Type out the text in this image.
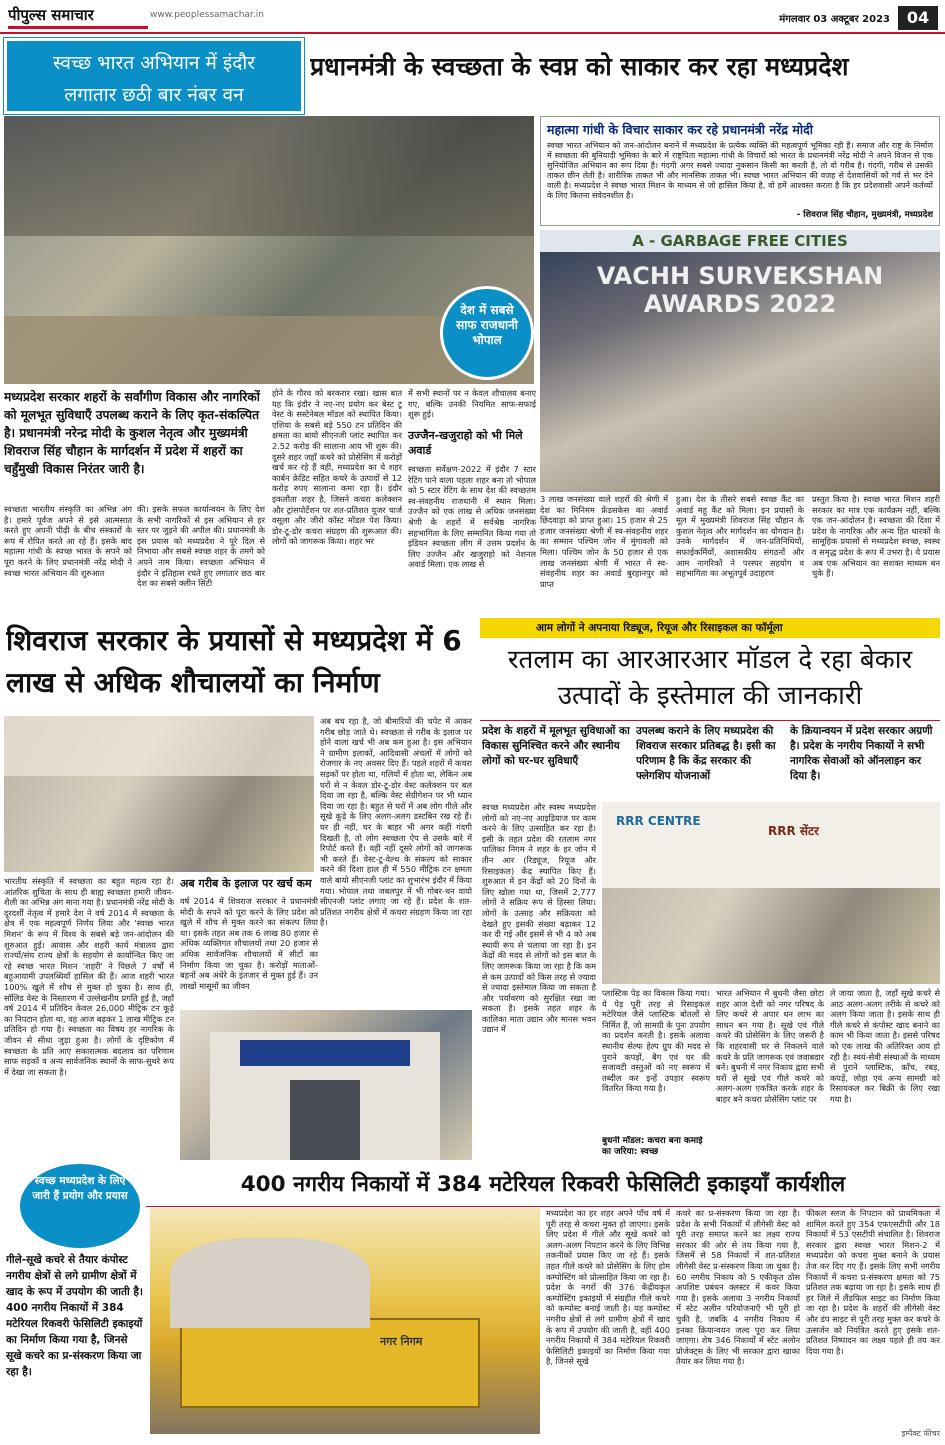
पीपुल्स समाचार	www.peoplessamachar.in	मंगलवार 03 अक्टूबर 2023	04
स्वच्छ भारत अभियान में इंदौर
लगातार छठी बार नंबर वन
प्रधानमंत्री के स्वच्छता के स्वप्न को साकार कर रहा मध्यप्रदेश
महात्मा गांधी के विचार साकार कर रहे प्रधानमंत्री नरेंद्र मोदी
स्वच्छ भारत अभियान को जन-आंदोलन बनाने में मध्यप्रदेश के प्रत्येक व्यक्ति की महत्वपूर्ण भूमिका रही है। समाज और राष्ट्र के निर्माण में स्वच्छता की बुनियादी भूमिका के बारे में राष्ट्रपिता महात्मा गांधी के विचारों को भारत के प्रधानमंत्री नरेंद्र मोदी ने अपने विजन से एक सुनियोजित अभियान का रूप दिया है। गंदगी अगर सबसे ज्यादा नुकसान किसी का करती है, तो वो गरीब है। गंदगी, गरीब से उसकी ताकत छीन लेती है। शारीरिक ताकत भी और मानसिक ताकत भी। स्वच्छ भारत अभियान की वजह से देशवासियों को गर्व से भर देने वाली है। मध्यप्रदेश ने स्वच्छ भारत मिशन के माध्यम से जो हासिल किया है, वो हमें आश्वस्त करता है कि हर प्रदेशवासी अपने कर्तव्यों के लिए कितना संवेदनशील है।
- शिवराज सिंह चौहान, मुख्यमंत्री, मध्यप्रदेश
A - GARBAGE FREE CITIES
VACHH SURVEKSHAN AWARDS 2022
देश में सबसे साफ राजधानी भोपाल
मध्यप्रदेश सरकार शहरों के सर्वांगीण विकास और नागरिकों को मूलभूत सुविधाएँ उपलब्ध कराने के लिए कृत-संकल्पित है। प्रधानमंत्री नरेन्द्र मोदी के कुशल नेतृत्व और मुख्यमंत्री शिवराज सिंह चौहान के मार्गदर्शन में प्रदेश में शहरों का चहुँमुखी विकास निरंतर जारी है।
स्वच्छता भारतीय संस्कृति का अभिन्न अंग है। हमारे पूर्वज अपने से इसे आत्मसात करते हुए अपनी पीढ़ी के बीच संस्कारों के रूप में रोपित करते आ रहे हैं। इसके बाद महात्मा गांधी के स्वच्छ भारत के सपने को पूरा करने के लिए प्रधानमंत्री नरेंद्र मोदी ने स्वच्छ भारत अभियान की शुरुआत
की। इसके सफल कार्यान्वयन के लिए देश के सभी नागरिकों से इस अभियान से हर स्तर पर जुड़ने की अपील की। प्रधानमंत्री के इस प्रयास को मध्यप्रदेश ने पूरे दिल से निभाया और सबसे स्वच्छ शहर के तमगे को अपने नाम किया। स्वच्छता अभियान में इंदौर ने इतिहास रचते हुए लगातार छठ बार देश का सबसे क्लीन सिटी
होने के गौरव को बरकरार रखा। खास बात यह कि इंदौर ने नए-नए प्रयोग कर बेस्ट टू वेस्ट के सस्टेनेबल मॉडल को स्थापित किया। एशिया के सबसे बड़े 550 टन प्रतिदिन की क्षमता का बायो सीएनजी प्लांट स्थापित कर 2.52 करोड़ की सालाना आय भी शुरू की। दूसरे शहर जहाँ कचरे को प्रोसेसिंग में करोड़ों खर्च कर रहे हैं वहीं, मध्यप्रदेश का ये शहर कार्बन क्रेडिट सहित कचरे के उत्पादों से 12 करोड़ रुपए सालाना कमा रहा है। इंदौर इकलौता शहर है, जिसने कचरा कलेक्शन और ट्रांसपोर्टेशन पर शत-प्रतिशत यूजर चार्ज वसूला और जीरो कॉस्ट मॉडल पेश किया। डोर-टू-डोर कचरा संग्रहण की शुरूआत की। लोगों को जागरूक किया। शहर भर
में सभी स्थानों पर न केवल शौचालय बनाए गए, बल्कि उनकी नियमित साफ-सफाई शुरू हुई।
उज्जैन-खजुराहो को भी मिले अवार्ड
स्वच्छता सर्वेक्षण-2022 में इंदौर 7 स्टार रेटिंग पाने वाला पहला शहर बना तो भोपाल को 5 स्टार रेटिंग के साथ देश की स्वच्छतम स्व-संवहनीय राजधानी में स्थान मिला। उज्जैन को एक लाख से अधिक जनसंख्या श्रेणी के शहरों में सर्वश्रेष्ठ नागरिक सहभागिता के लिए सम्मानित किया गया तो इंडियन स्वच्छता लीग में उत्तम प्रदर्शन के लिए उज्जैन और खजुराहो को नेशनल अवार्ड मिला। एक लाख से
3 लाख जनसंख्या वाले शहरों की श्रेणी में देश का मिनिमम फ्रेंडसकेस का अवार्ड छिंदवाड़ा को प्राप्त हुआ। 15 हजार से 25 हजार जनसंख्या श्रेणी में स्व-संवहनीय शहर का सम्मान पश्चिम जोन में मुंगावली को मिला। पश्चिम जोन के 50 हजार से एक लाख जनसंख्या श्रेणी में भारत में स्व-संवहनीय शहर का अवार्ड बुरहानपुर को प्राप्त
हुआ। देश के तीसरे सबसे स्वच्छ कैंट का अवार्ड महू कैंट को मिला। इन प्रयासों के मूल में मुख्यमंत्री शिवराज सिंह चौहान के कुशल नेतृत्व और मार्गदर्शन का योगदान है। उनके मार्गदर्शन में जन-प्रतिनिधियों, सफाईकर्मियों, अशासकीय संगठनों और आम नागरिकों ने परस्पर सहयोग व सहभागिता का अभूतपूर्व उदाहरण
प्रस्तुत किया है। स्वच्छ भारत मिशन शहरी सरकार का मात्र एक कार्यक्रम नहीं, बल्कि एक जन-आंदोलन है। स्वच्छता की दिशा में प्रदेश के नागरिक और अन्य हित धारकों के सामूहिक प्रयासों से मध्यप्रदेश स्वच्छ, स्वस्थ व समृद्ध प्रदेश के रूप में उभरा है। ये प्रयास अब एक अभियान का सशक्त माध्यम बन चुके हैं।
शिवराज सरकार के प्रयासों से मध्यप्रदेश में 6 लाख से अधिक शौचालयों का निर्माण
अब बच रहा है, जो बीमारियों की चपेट में आकर गरीब छोड़ जाते थे। स्वच्छता से गरीब के इलाज पर होने वाला खर्च भी अब कम हुआ है। इस अभियान ने ग्रामीण इलाकों, आदिवासी अंचलों में लोगों को रोजगार के नए अवसर दिए हैं। पहले शहरों में कचरा सड़कों पर होता था, गलियों में होता था, लेकिन अब घरों से न केवल डोर-टू-डोर वेस्ट कलेक्शन पर बल दिया जा रहा है, बल्कि वेस्ट सेग्रीगेशन पर भी ध्यान दिया जा रहा है। बहुत से घरों में अब लोग गीले और सूखे कूड़े के लिए अलग-अलग डस्टबिन रख रहे हैं। घर ही नहीं, घर के बाहर भी अगर कहीं गंदगी दिखती है, तो लोग स्वच्छता ऐप से उसके बारे में रिपोर्ट करते हैं। वहीं नहीं दूसरे लोगों को जागरूक भी करते हैं। वेस्ट-टू-वेल्थ के संकल्प को साकार करने की दिशा हाल ही में 550 मीट्रिक टन क्षमता वाले बायो सीएनजी प्लांट का शुभारंभ इंदौर में किया गया। भोपाल तथा जबलपुर में भी गोबर-धन वायो सीएनजी प्लांट लगाए जा रहे हैं। प्रदेश के शत-प्रतिशत नगरीय क्षेत्रों में कचरा संग्रहण किया जा रहा है।
भारतीय संस्कृति में स्वच्छता का बहुत महत्व रहा है। आंतरिक शुचिता के साथ ही बाह्य स्वच्छता हमारी जीवन-शैली का अभिन्न अंग माना गया है। प्रधानमंत्री नरेंद्र मोदी के दूरदर्शी नेतृत्व में हमारे देश ने वर्ष 2014 में स्वच्छता के क्षेत्र में एक महत्वपूर्ण निर्णय लिया और 'स्वच्छ भारत मिशन' के रूप में विश्व के सबसे बड़े जन-आंदोलन की शुरुआत हुई। आवास और शहरी कार्य मंत्रालय द्वारा राज्यों/संघ राज्य क्षेत्रों के सहयोग से कार्यान्वित किए जा रहे स्वच्छ भारत मिशन 'शहरी' ने पिछले 7 वर्षों में बहुआयामी उपलब्धियाँ हासिल की हैं। आज शहरी भारत 100% खुले में शौच से मुक्त हो चुका है। साथ ही, सॉलिड वेस्ट के निस्तारण में उल्लेखनीय प्रगति हुई है, जहाँ वर्ष 2014 में प्रतिदिन केवल 26,000 मीट्रिक टन कूड़े का निपटान होता था, वह आज बढ़कर 1 लाख मीट्रिक टन प्रतिदिन हो गया है। स्वच्छता का विषय हर नागरिक के जीवन से सीधा जुड़ा हुआ है। लोगों के दृष्टिकोण में स्वच्छता के प्रति आए सकारात्मक बदलाव का परिणाम साफ सड़कों व अन्य सार्वजनिक स्थानों के साफ-सुथरे रूप में देखा जा सकता है।
अब गरीब के इलाज पर खर्च कम
वर्ष 2014 में शिवराज सरकार ने प्रधानमंत्री मोदी के सपने को पूरा करने के लिए प्रदेश को खुले में शौच से मुक्त करने का संकल्प लिया था। इसके तहत अब तक 6 लाख 80 हजार से अधिक व्यक्तिगत शौचालयों तथा 20 हजार से अधिक सार्वजनिक शौचालयों में सीटों का निर्माण किया जा चुका है। करोड़ों माताओं-बहनों अब अंधेरे के इंतजार से मुक्त हुई हैं। उन लाखों मासूमों का जीवन
आम लोगों ने अपनाया रिड्यूज, रियूज और रिसाइकल का फॉर्मूला
रतलाम का आरआरआर मॉडल दे रहा बेकार उत्पादों के इस्तेमाल की जानकारी
प्रदेश के शहरों में मूलभूत सुविधाओं का विकास सुनिश्चित करने और स्थानीय लोगों को घर-घर सुविधाएँ
उपलब्ध कराने के लिए मध्यप्रदेश की शिवराज सरकार प्रतिबद्ध है। इसी का परिणाम है कि केंद्र सरकार की फ्लेगशिप योजनाओं
के क्रियान्वयन में प्रदेश सरकार अग्रणी है। प्रदेश के नगरीय निकायों ने सभी नागरिक सेवाओं को ऑनलाइन कर दिया है।
स्वच्छ मध्यप्रदेश और स्वस्थ मध्यप्रदेश लोगों को नए-नए आइडियाज पर काम करने के लिए उत्साहित कर रहा है। इसी के तहत प्रदेश की रतलाम नगर पालिका निगम ने शहर के हर जोन में तीन आर (रिड्यूज, रियूज और रिसाइकल) केंद्र स्थापित किए हैं। शुरुआत में इन केंद्रों को 20 दिनों के लिए खोला गया था, जिसमें 2,777 लोगों ने सक्रिय रूप से हिस्सा लिया। लोगों के उत्साह और सक्रियता को देखते हुए इसकी संख्या बढ़ाकर 12 कर दी गई और इसमें से भी 4 को अब स्थायी रूप से चलाया जा रहा है। इन केंद्रों की मदद से लोगों को इस बात के लिए जागरूक किया जा रहा है कि कम से कम उत्पादों को किस तरह से ज्यादा से ज्यादा इस्तेमाल किया जा सकता है और पर्यावरण को सुरक्षित रखा जा सकता है। इसके तहत शहर के कालिका माता उद्यान और मानस भवन उद्यान में
RRR CENTRE
RRR सेंटर
प्लास्टिक पेड़ का विकास किया गया। ये पेड़ पूरी तरह से रिसाइकल मटेरियल जैसे प्लास्टिक बोतलों से निर्मित हैं, जो सामग्री के पुनः उपयोग का प्रदर्शन करती है। इसके अलावा स्थानीय सेल्फ हेल्प ग्रुप की मदद से पुराने कपड़ों, बैग एवं घर की सजावटी वस्तुओं को नए स्वरूप में तब्दील कर इन्हें उपहार स्वरूप वितरित किया गया है।
बुधनी मॉडल: कचरा बना कमाई का जरिया: स्वच्छ
भारत अभियान में बुधनी जैसा छोटा शहर आज देशी को नगर परिषद के लिए कचरे से अपार धन लाभ का साधन बन गया है। सूखे एवं गीले कचरे की प्रोसेसिंग के लिए जरूरी है कि शहरवासी घर से निकलने वाले कचरे के प्रति जागरूक एवं जवाबदार बनें। बुधनी में नगर निकाय द्वारा सभी घरों से सूखे एवं गीले कचरे को अलग-अलग एकत्रित करके शहर के बाहर बने कचरा प्रोसेसिंग प्लांट पर
ले जाया जाता है, जहाँ सूखे कचरे से आठ अलग-अलग तरीके से कचरे को अलग किया जाता है। इसके साथ ही गीले कचरे से कंपोस्ट खाद बनाने का काम भी किया जाता है। इससे परिषद को एक लाख की अतिरिक्त आय हो रही है। स्वयं-सेवी संस्थाओं के माध्यम से पुराने प्लास्टिक, काँच, रबड़, कपड़ें, लोहा एवं अन्य सामग्री को रिसायकल कर बिक्री के लिए रखा गया है।
स्वच्छ मध्यप्रदेश के लिए जारी हैं प्रयोग और प्रयास	400 नगरीय निकायों में 384 मटेरियल रिकवरी फेसिलिटी इकाइयाँ कार्यशील
गीले-सूखे कचरे से तैयार कंपोस्ट नगरीय क्षेत्रों से लगे ग्रामीण क्षेत्रों में खाद के रूप में उपयोग की जाती है। 400 नगरीय निकायों में 384 मटेरियल रिकवरी फेसिलिटी इकाइयों का निर्माण किया गया है, जिनसे सूखे कचरे का प्र-संस्करण किया जा रहा है।
नगर निगम
मध्यप्रदेश का हर शहर अपने पाँच वर्ष में पूरी तरह से कचरा मुक्त हो जाएगा। इसके लिए प्रदेश में गीले और सूखे कचरे को अलग-अलग निपटान करने के लिए विभिन्न तकनीकों प्रयास किए जा रहे हैं। इसके तहत गीले कचरे को प्रोसेसिंग के लिए होम कम्पोस्टिंग को प्रोत्साहित किया जा रहा है। प्रदेश के नगरों की 376 केंद्रीयकृत कम्पोस्टिंग इकाइयों में संग्रहीत गीले कचरे को कम्पोस्ट बनाई जाती है। यह कम्पोस्ट नगरीय क्षेत्रों से लगे ग्रामीण क्षेत्रों में खाद के रूप में उपयोग की जाती है, वहीं 400 नगरीय निकायों में 384 मटेरियल रिकवरी फेसिलिटी इकाइयों का निर्माण किया गया है, जिनसे सूखे
कचरे का प्र-संस्करण किया जा रहा है। प्रदेश के सभी निकायों में लीगेसी वेस्ट को पूरी तरह समाप्त करने का लक्ष्य राज्य सरकार की ओर से तय किया गया है, जिसमें से 58 निकायों में शत-प्रतिशत लीगेसी वेस्ट प्र-संस्करण किया जा चुका है। 60 नगरीय निकाय को 5 एकीकृत ठोस अपशिष्ट प्रबंधन क्लस्टर में कवर किया गया है। इसके अलावा 3 नगरीय निकायों में स्टेट अलीन परियोजनाएँ भी पूरी हो चुकी है, जबकि 4 नगरीय निकाय में इनका क्रियान्वयन जल्द पूरा कर लिया जाएगा। शेष 346 निकायों में स्टेट अलोन प्रोजेक्ट्स के लिए भी सरकार द्वारा खाका तैयार कर लिया गया है।
फीकल स्लज के निपटान को प्राथमिकता में शामिल करते हुए 354 एफएसटीपी और 18 निकायों में 53 एसटीपी संचालित है। शिवराज सरकार द्वारा स्वच्छ भारत मिशन-2 में मध्यप्रदेश को कचरा मुक्त बनाने के प्रयास तेज कर दिए गए हैं। इसके लिए सभी नगरीय निकायों में कचरा प्र-संस्करण क्षमता को 75 प्रतिशत तक बढ़ाया जा रहा है। इसके साथ ही हर जिले में लैंडफिल साइट का निर्माण किया जा रहा है। प्रदेश के शहरों की लीगेसी वेस्ट और डंप साइट से पूरी तरह मुक्त कर कचरे के उत्सर्जन को नियंत्रित करते हुए इसके शत-प्रतिशत निष्पादन का लक्ष्य पहले ही तय कर दिया गया है।
इम्पैक्ट फीचर
